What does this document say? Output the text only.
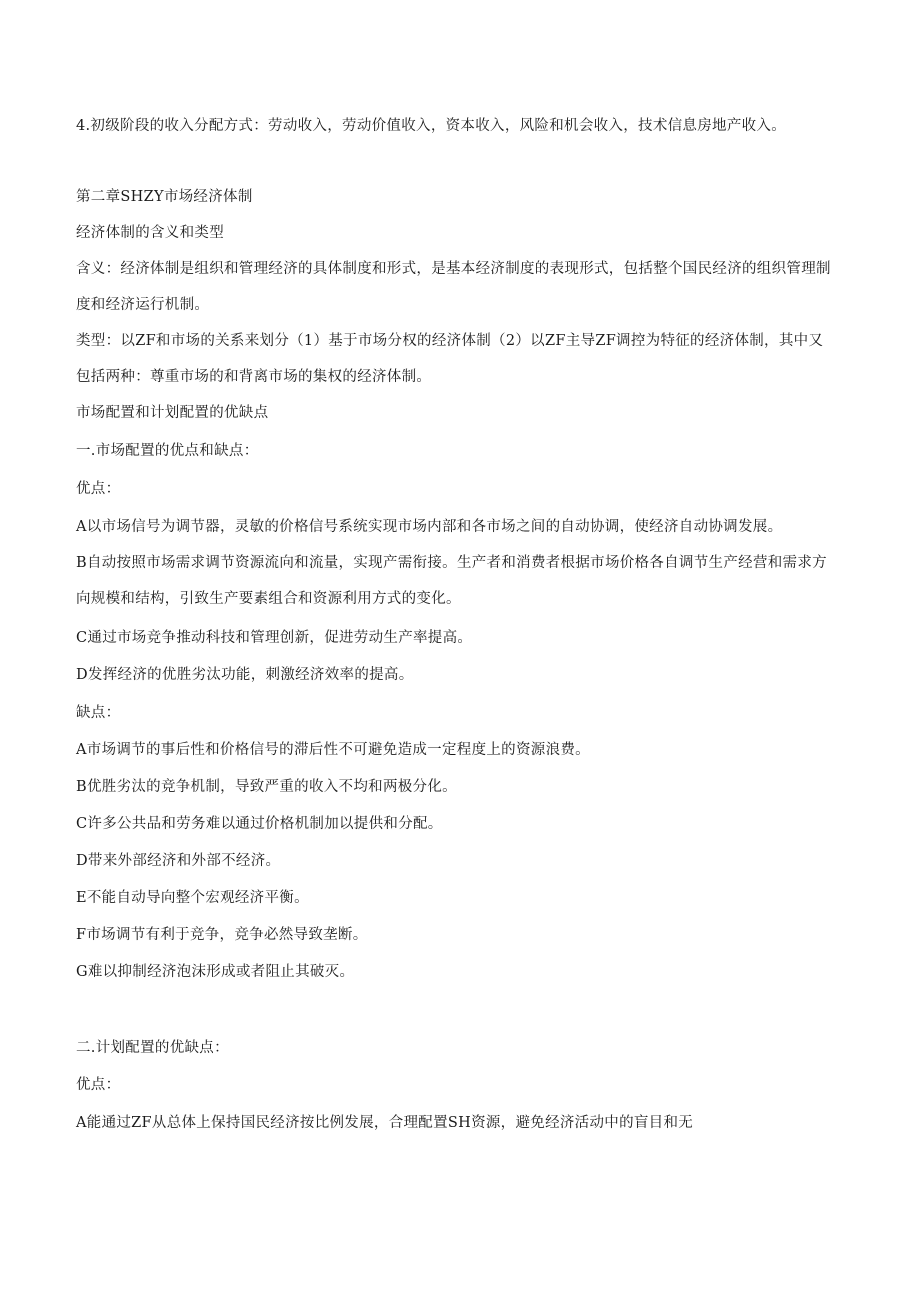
4.初级阶段的收入分配方式：劳动收入，劳动价值收入，资本收入，风险和机会收入，技术信息房地产收入。

第二章SHZY市场经济体制

经济体制的含义和类型

含义：经济体制是组织和管理经济的具体制度和形式，是基本经济制度的表现形式，包括整个国民经济的组织管理制度和经济运行机制。

类型：以ZF和市场的关系来划分（1）基于市场分权的经济体制（2）以ZF主导ZF调控为特征的经济体制，其中又包括两种：尊重市场的和背离市场的集权的经济体制。

市场配置和计划配置的优缺点

一.市场配置的优点和缺点：

优点：

A以市场信号为调节器，灵敏的价格信号系统实现市场内部和各市场之间的自动协调，使经济自动协调发展。

B自动按照市场需求调节资源流向和流量，实现产需衔接。生产者和消费者根据市场价格各自调节生产经营和需求方向规模和结构，引致生产要素组合和资源利用方式的变化。

C通过市场竞争推动科技和管理创新，促进劳动生产率提高。

D发挥经济的优胜劣汰功能，刺激经济效率的提高。

缺点：

A市场调节的事后性和价格信号的滞后性不可避免造成一定程度上的资源浪费。

B优胜劣汰的竞争机制，导致严重的收入不均和两极分化。

C许多公共品和劳务难以通过价格机制加以提供和分配。

D带来外部经济和外部不经济。

E不能自动导向整个宏观经济平衡。

F市场调节有利于竞争，竞争必然导致垄断。

G难以抑制经济泡沫形成或者阻止其破灭。

二.计划配置的优缺点：

优点：

A能通过ZF从总体上保持国民经济按比例发展，合理配置SH资源，避免经济活动中的盲目和无
